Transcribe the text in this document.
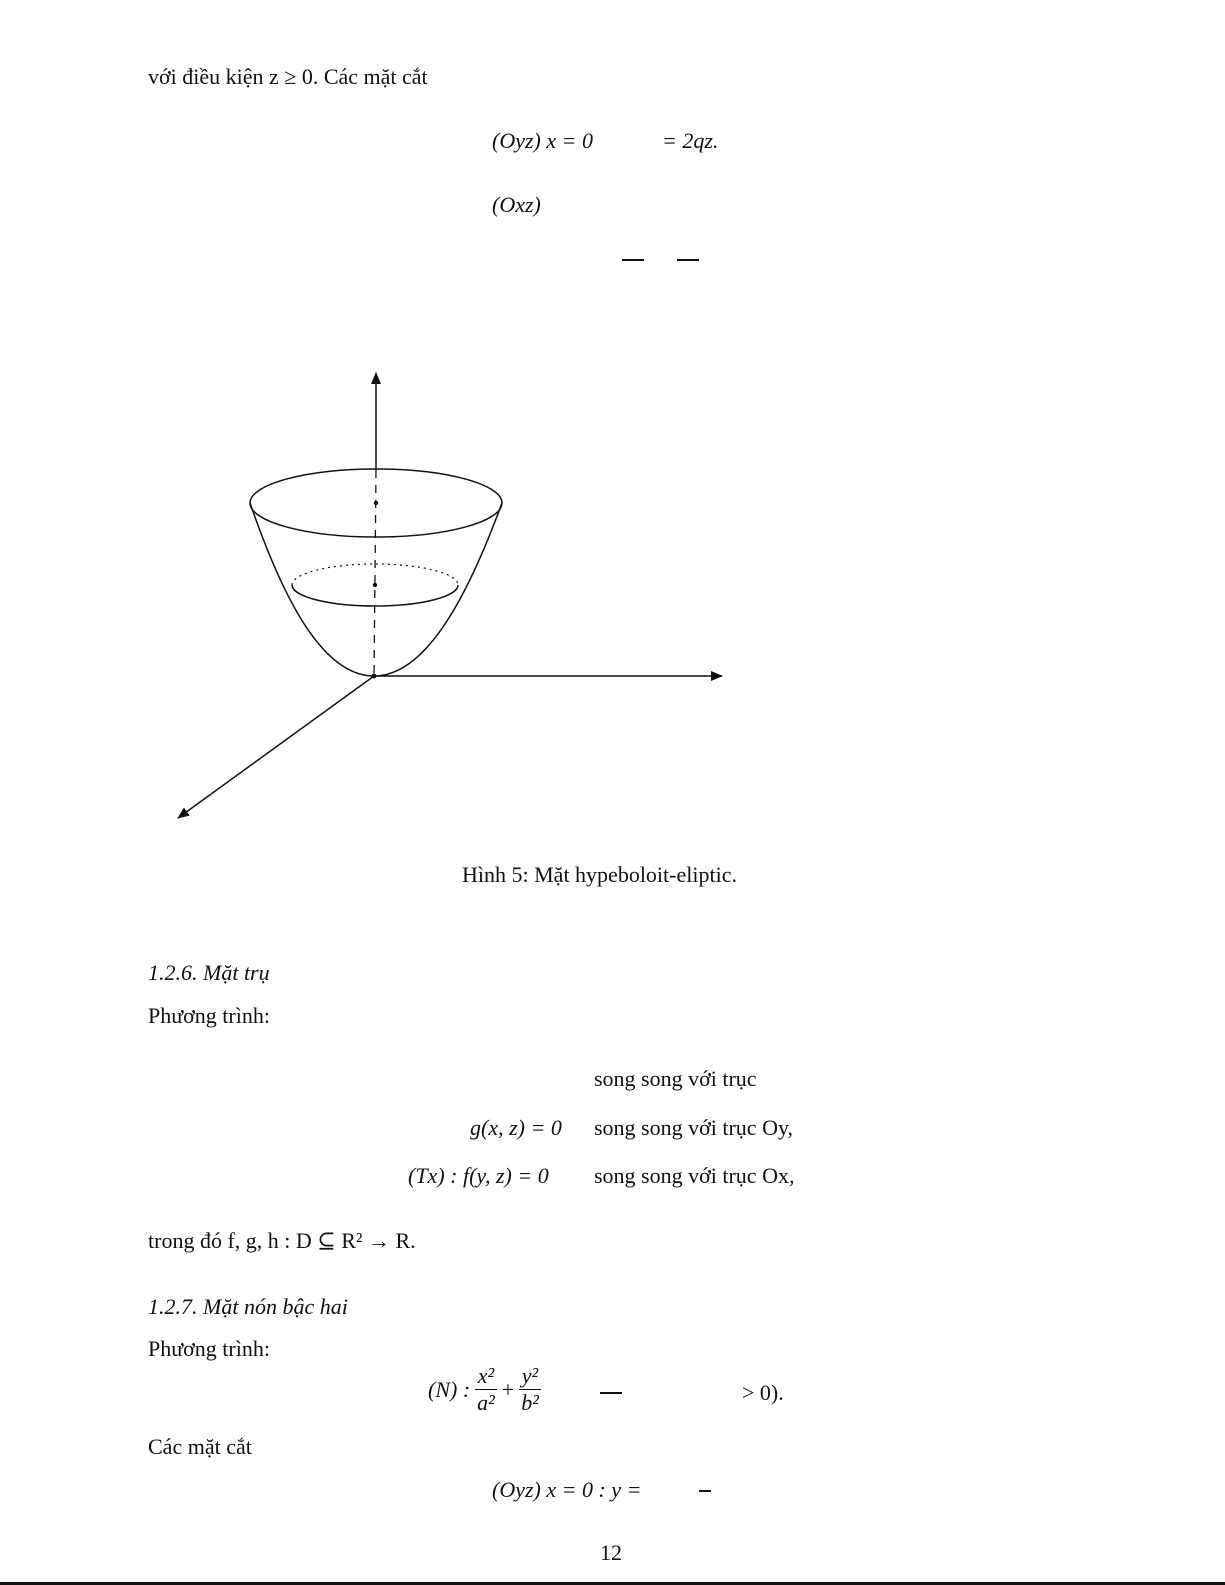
với điều kiện z ≥ 0. Các mặt cắt
(Oyz) x = 0	= 2qz.
(Oxz)
Hình 5: Mặt hypeboloit-eliptic.
1.2.6. Mặt trụ
Phương trình:
song song với trục
g(x, z) = 0 song song với trục Oy,
(Tx) : f(y, z) = 0 song song với trục Ox,
trong đó f, g, h : D ⊆ R² → R.
1.2.7. Mặt nón bậc hai
Phương trình:
(N) : $\frac{\text{x²}}{\text{a²}} + \frac{\text{y²}}{\text{b²}}$	> 0).
Các mặt cắt
(Oyz) x = 0 : y =
12
